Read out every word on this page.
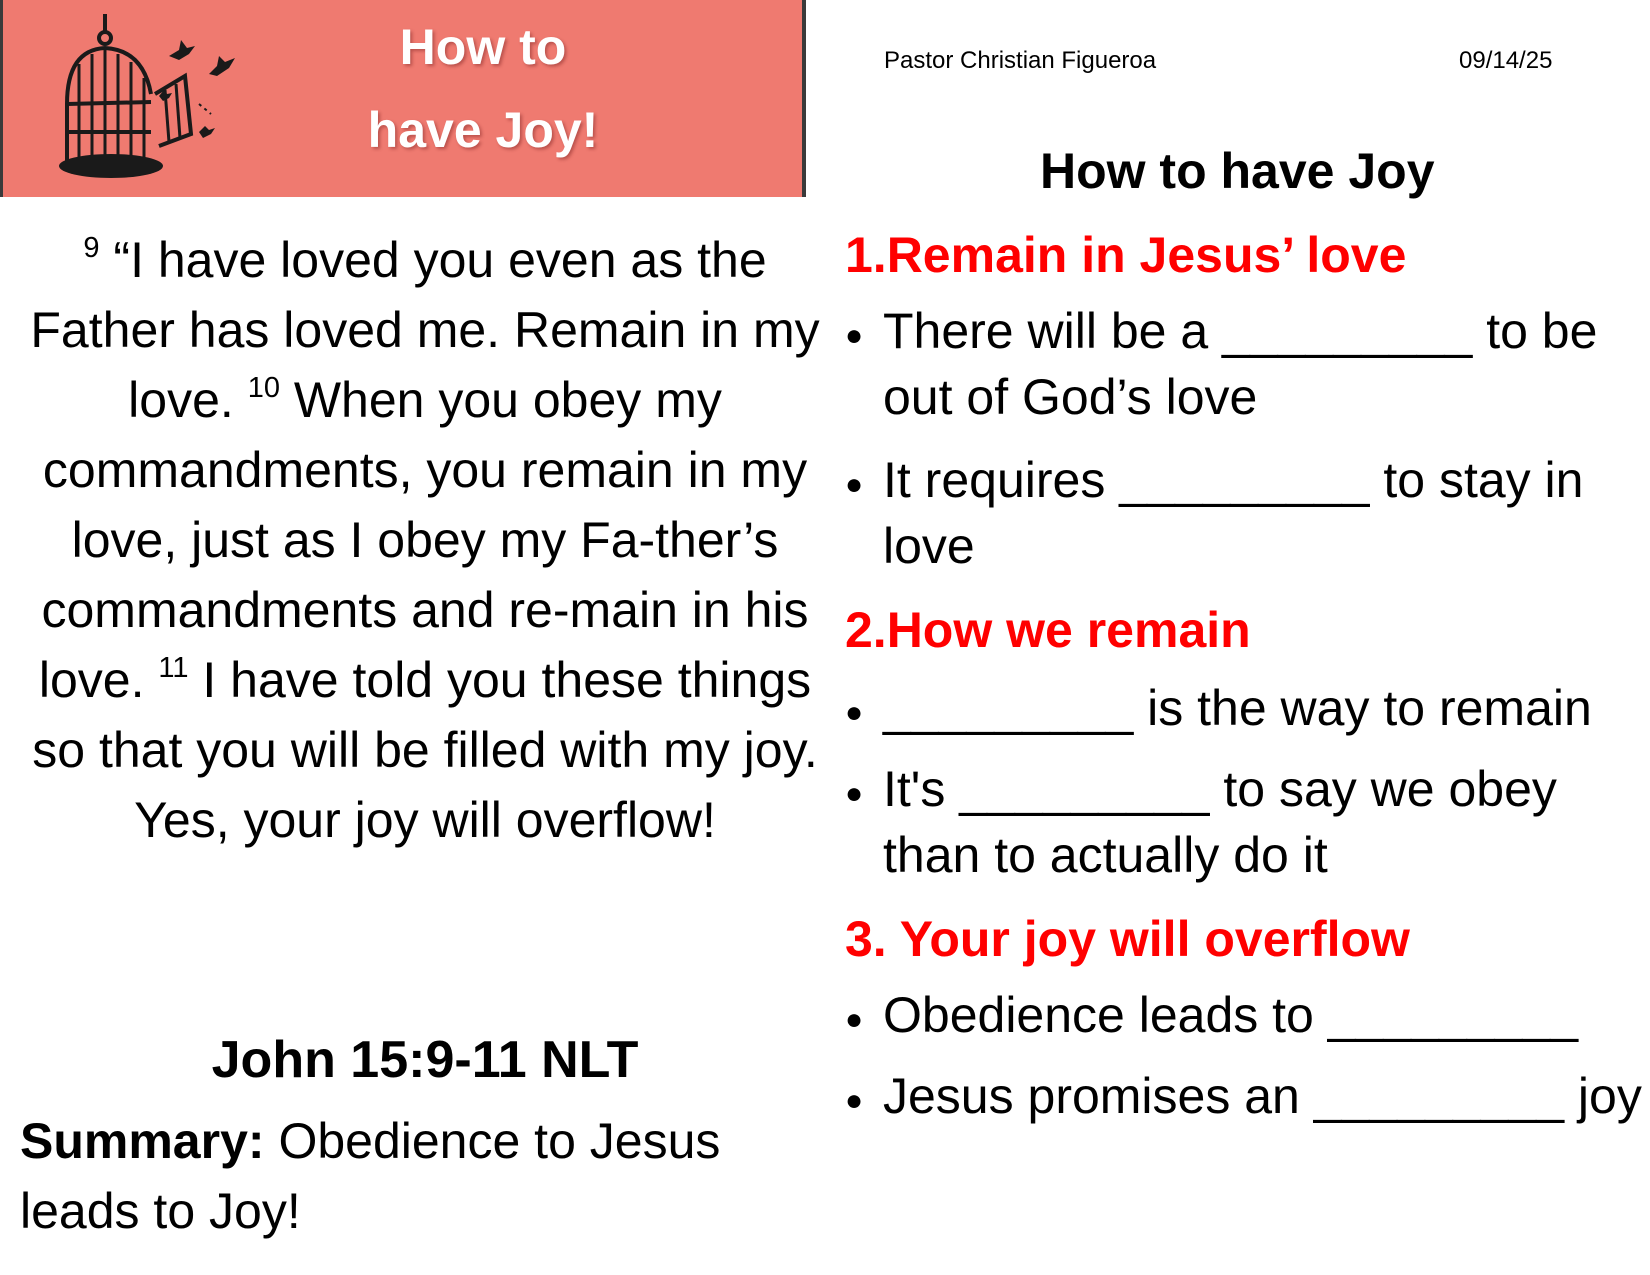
How to
have Joy!
Pastor Christian Figueroa	09/14/25
$^9$ “I have loved you even as the Father has loved me. Remain in my love. $^{10}$ When you obey my commandments, you remain in my love, just as I obey my Fa-ther’s commandments and re-main in his love. $^{11}$ I have told you these things so that you will be filled with my joy. Yes, your joy will overflow!
John 15:9-11 NLT
Summary: Obedience to Jesus leads to Joy!
How to have Joy
1.Remain in Jesus’ love
● There will be a _________ to be out of God’s love
● It requires _________ to stay in love
2.How we remain
● _________ is the way to remain
● It's _________ to say we obey than to actually do it
3. Your joy will overflow
● Obedience leads to _________
● Jesus promises an _________ joy
